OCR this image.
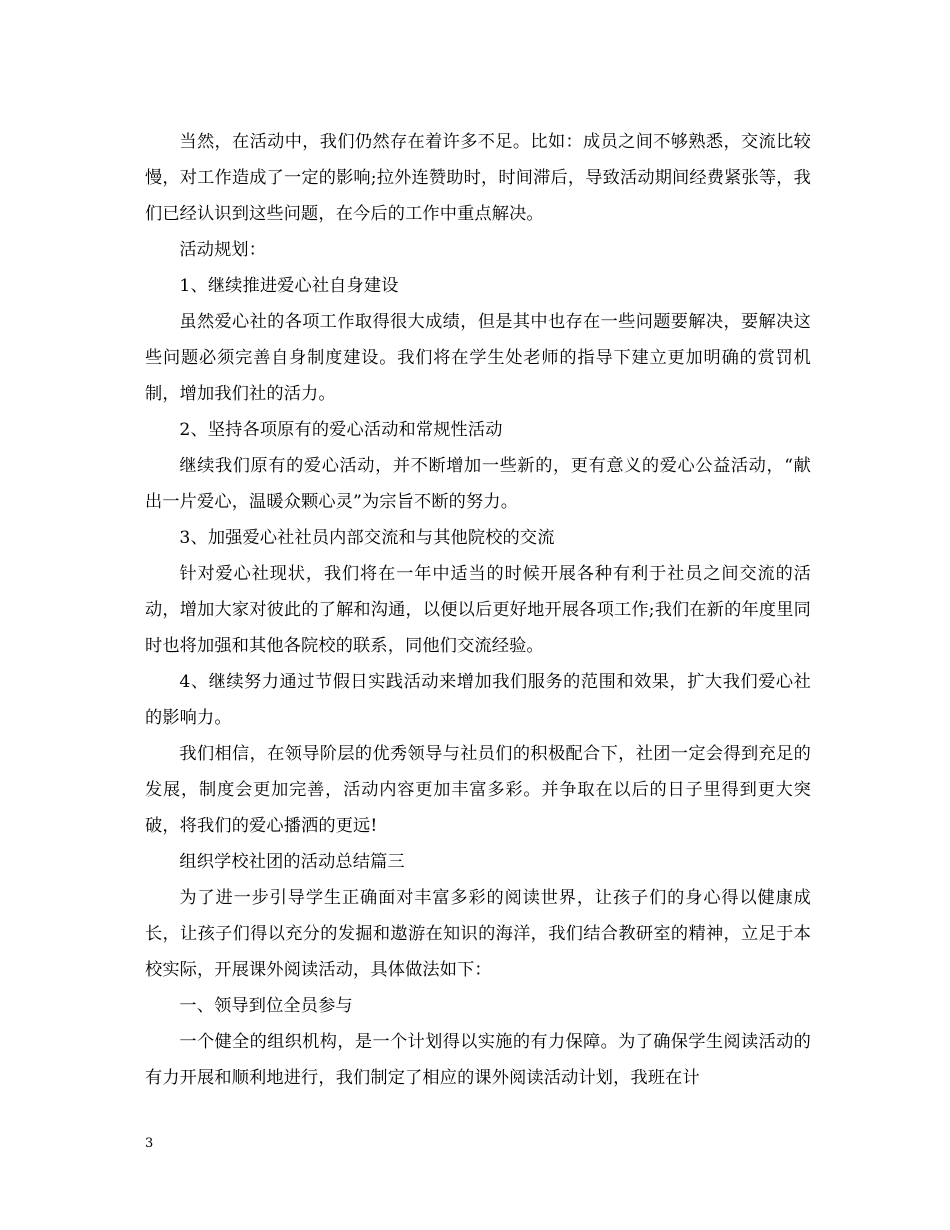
当然，在活动中，我们仍然存在着许多不足。比如：成员之间不够熟悉，交流比较慢，对工作造成了一定的影响;拉外连赞助时，时间滞后，导致活动期间经费紧张等，我们已经认识到这些问题，在今后的工作中重点解决。

活动规划：

1、继续推进爱心社自身建设

虽然爱心社的各项工作取得很大成绩，但是其中也存在一些问题要解决，要解决这些问题必须完善自身制度建设。我们将在学生处老师的指导下建立更加明确的赏罚机制，增加我们社的活力。

2、坚持各项原有的爱心活动和常规性活动

继续我们原有的爱心活动，并不断增加一些新的，更有意义的爱心公益活动，“献出一片爱心，温暖众颗心灵”为宗旨不断的努力。

3、加强爱心社社员内部交流和与其他院校的交流

针对爱心社现状，我们将在一年中适当的时候开展各种有利于社员之间交流的活动，增加大家对彼此的了解和沟通，以便以后更好地开展各项工作;我们在新的年度里同时也将加强和其他各院校的联系，同他们交流经验。

4、继续努力通过节假日实践活动来增加我们服务的范围和效果，扩大我们爱心社的影响力。

我们相信，在领导阶层的优秀领导与社员们的积极配合下，社团一定会得到充足的发展，制度会更加完善，活动内容更加丰富多彩。并争取在以后的日子里得到更大突破，将我们的爱心播洒的更远!

组织学校社团的活动总结篇三

为了进一步引导学生正确面对丰富多彩的阅读世界，让孩子们的身心得以健康成长，让孩子们得以充分的发掘和遨游在知识的海洋，我们结合教研室的精神，立足于本校实际，开展课外阅读活动，具体做法如下：

一、领导到位全员参与

一个健全的组织机构，是一个计划得以实施的有力保障。为了确保学生阅读活动的有力开展和顺利地进行，我们制定了相应的课外阅读活动计划，我班在计

3
